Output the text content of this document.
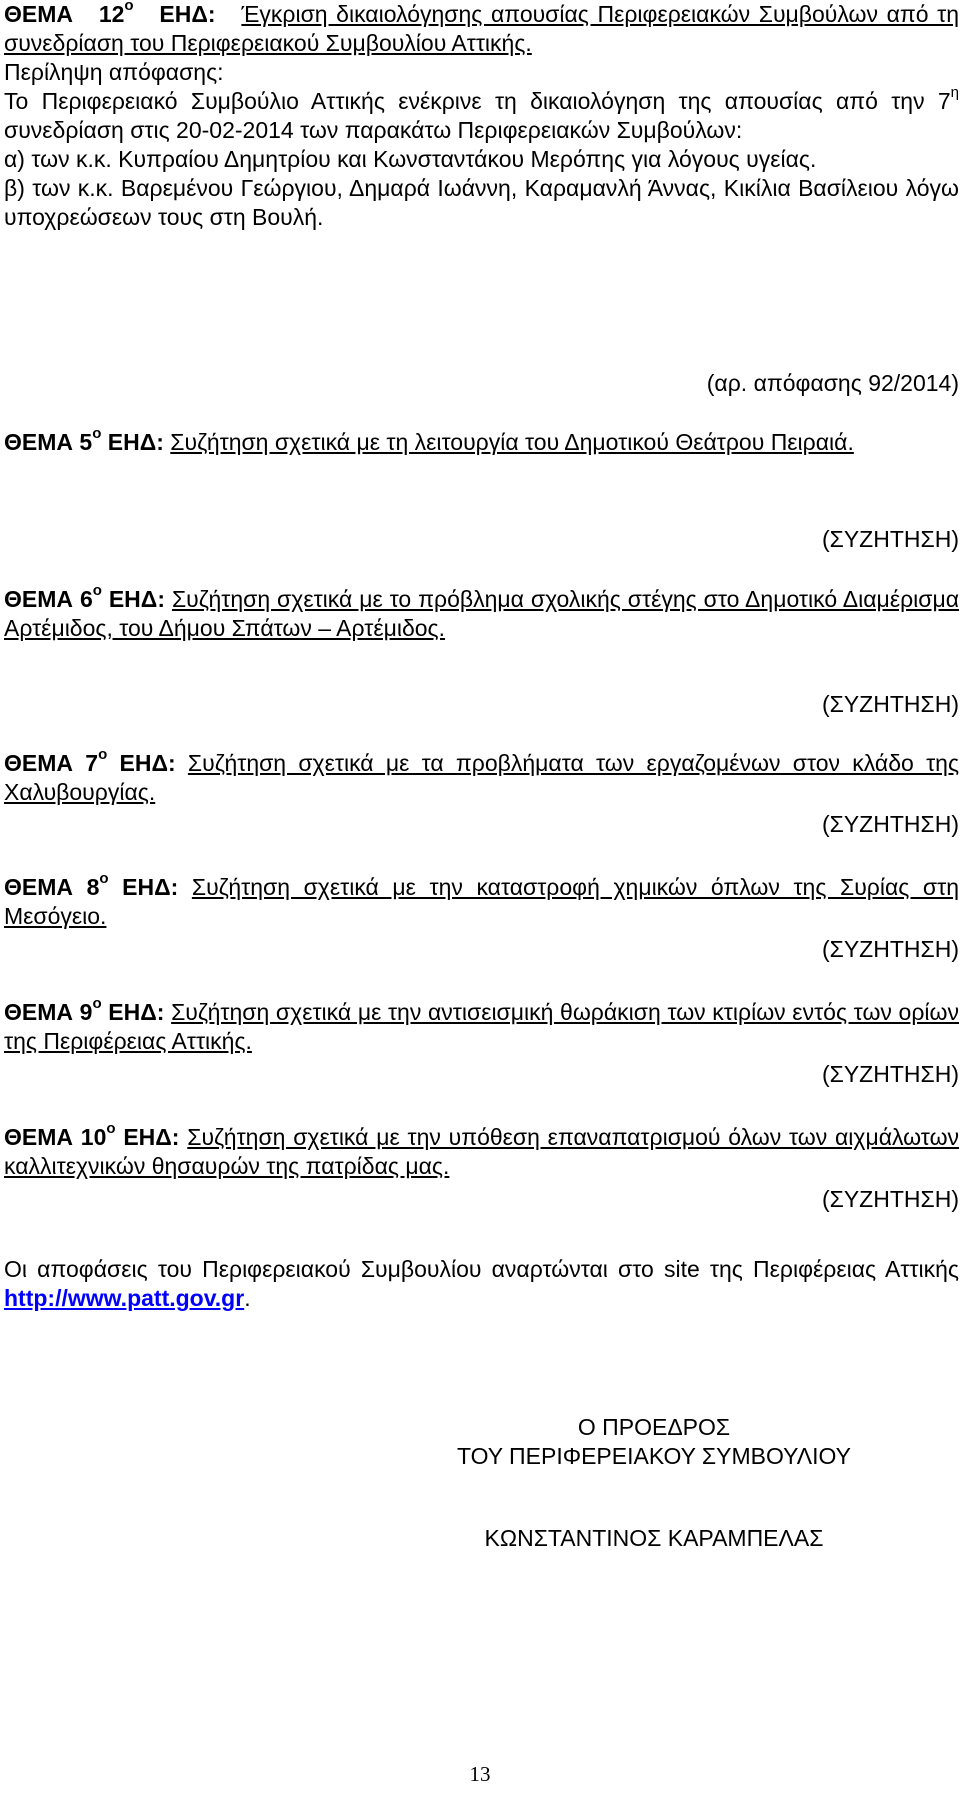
ΘΕΜΑ $12^o$ ΕΗΔ: Έγκριση δικαιολόγησης απουσίας Περιφερειακών Συμβούλων από τη συνεδρίαση του Περιφερειακού Συμβουλίου Αττικής.

Περίληψη απόφασης:

Το Περιφερειακό Συμβούλιο Αττικής ενέκρινε τη δικαιολόγηση της απουσίας από την $7^\eta$ συνεδρίαση στις 20-02-2014 των παρακάτω Περιφερειακών Συμβούλων:

α) των κ.κ. Κυπραίου Δημητρίου και Κωνσταντάκου Μερόπης για λόγους υγείας.

β) των κ.κ. Βαρεμένου Γεώργιου, Δημαρά Ιωάννη, Καραμανλή Άννας, Κικίλια Βασίλειου λόγω υποχρεώσεων τους στη Βουλή.

(αρ. απόφασης 92/2014)

ΘΕΜΑ $5^o$ ΕΗΔ: Συζήτηση σχετικά με τη λειτουργία του Δημοτικού Θεάτρου Πειραιά.

(ΣΥΖΗΤΗΣΗ)

ΘΕΜΑ $6^o$ ΕΗΔ: Συζήτηση σχετικά με το πρόβλημα σχολικής στέγης στο Δημοτικό Διαμέρισμα Αρτέμιδος, του Δήμου Σπάτων – Αρτέμιδος.

(ΣΥΖΗΤΗΣΗ)

ΘΕΜΑ $7^o$ ΕΗΔ: Συζήτηση σχετικά με τα προβλήματα των εργαζομένων στον κλάδο της Χαλυβουργίας.

(ΣΥΖΗΤΗΣΗ)

ΘΕΜΑ $8^o$ ΕΗΔ: Συζήτηση σχετικά με την καταστροφή χημικών όπλων της Συρίας στη Μεσόγειο.

(ΣΥΖΗΤΗΣΗ)

ΘΕΜΑ $9^o$ ΕΗΔ: Συζήτηση σχετικά με την αντισεισμική θωράκιση των κτιρίων εντός των ορίων της Περιφέρειας Αττικής.

(ΣΥΖΗΤΗΣΗ)

ΘΕΜΑ $10^o$ ΕΗΔ: Συζήτηση σχετικά με την υπόθεση επαναπατρισμού όλων των αιχμάλωτων καλλιτεχνικών θησαυρών της πατρίδας μας.

(ΣΥΖΗΤΗΣΗ)

Οι αποφάσεις του Περιφερειακού Συμβουλίου αναρτώνται στο site της Περιφέρειας Αττικής http://www.patt.gov.gr.

Ο ΠΡΟΕΔΡΟΣ

ΤΟΥ ΠΕΡΙΦΕΡΕΙΑΚΟΥ ΣΥΜΒΟΥΛΙΟΥ

ΚΩΝΣΤΑΝΤΙΝΟΣ ΚΑΡΑΜΠΕΛΑΣ

13
